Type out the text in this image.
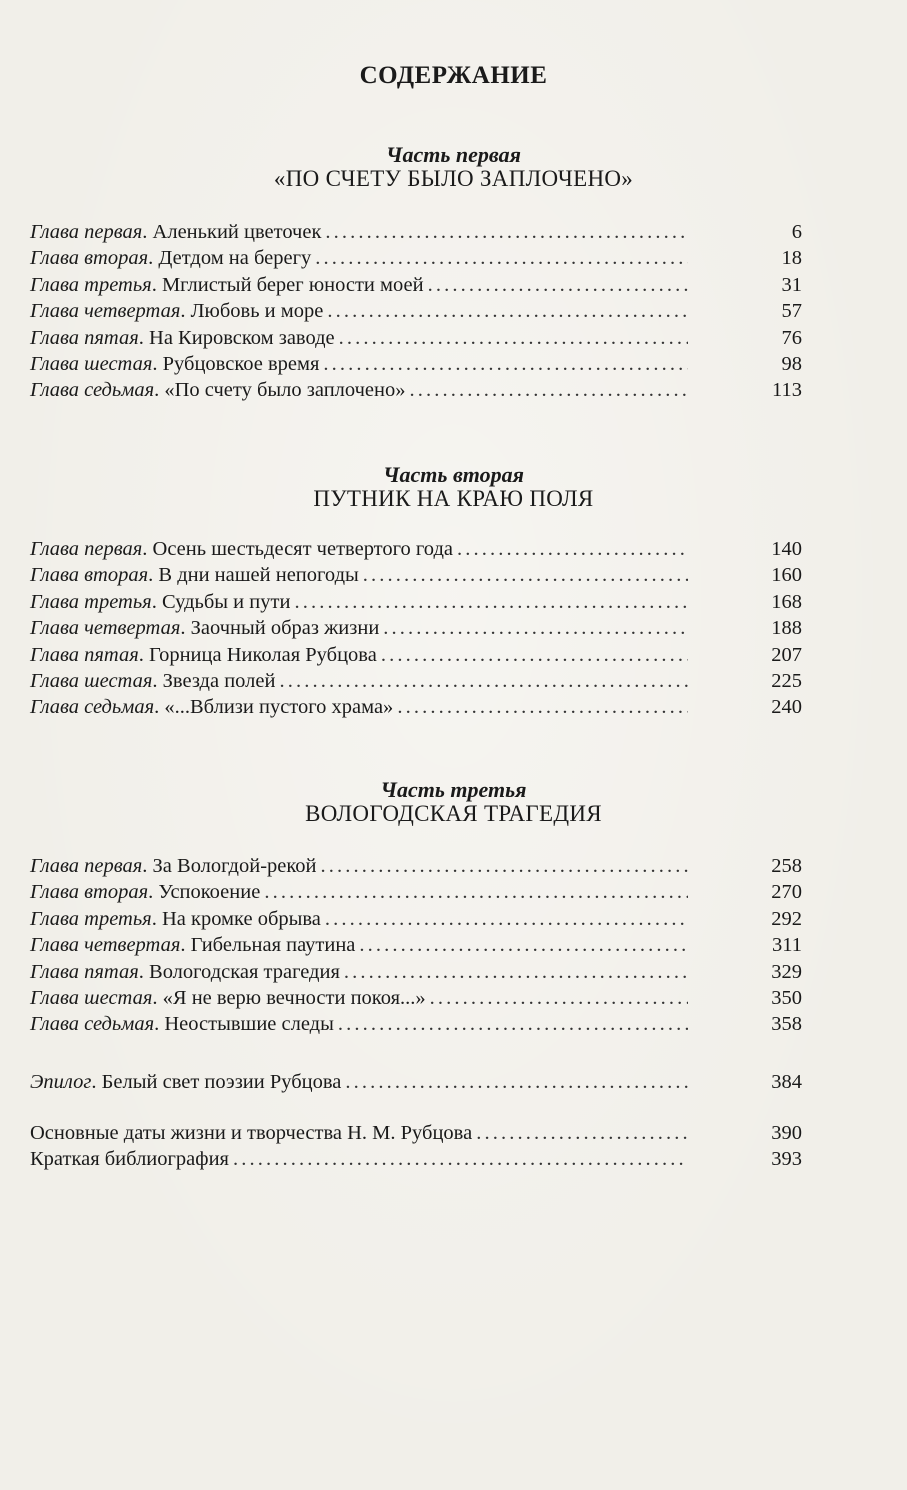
СОДЕРЖАНИЕ
Часть первая
«ПО СЧЕТУ БЫЛО ЗАПЛОЧЕНО»
Глава первая . Аленький цветочек . . .	6
Глава вторая . Детдом на берегу . . .	18
Глава третья . Мглистый берег юности моей . . .	31
Глава четвертая . Любовь и море . . .	57
Глава пятая . На Кировском заводе . . .	76
Глава шестая . Рубцовское время . . .	98
Глава седьмая . «По счету было заплочено» . . .	113
Часть вторая
ПУТНИК НА КРАЮ ПОЛЯ
Глава первая . Осень шестьдесят четвертого года . . .	140
Глава вторая . В дни нашей непогоды . . .	160
Глава третья . Судьбы и пути . . .	168
Глава четвертая . Заочный образ жизни . . .	188
Глава пятая . Горница Николая Рубцова . . .	207
Глава шестая . Звезда полей . . .	225
Глава седьмая . «...Вблизи пустого храма» . . .	240
Часть третья
ВОЛОГОДСКАЯ ТРАГЕДИЯ
Глава первая . За Вологдой-рекой . . .	258
Глава вторая . Успокоение . . .	270
Глава третья . На кромке обрыва . . .	292
Глава четвертая . Гибельная паутина . . .	311
Глава пятая . Вологодская трагедия . . .	329
Глава шестая . «Я не верю вечности покоя...» . . .	350
Глава седьмая . Неостывшие следы . . .	358
Эпилог . Белый свет поэзии Рубцова . . .	384
Основные даты жизни и творчества Н. М. Рубцова . . .	390
Краткая библиография . . .	393
